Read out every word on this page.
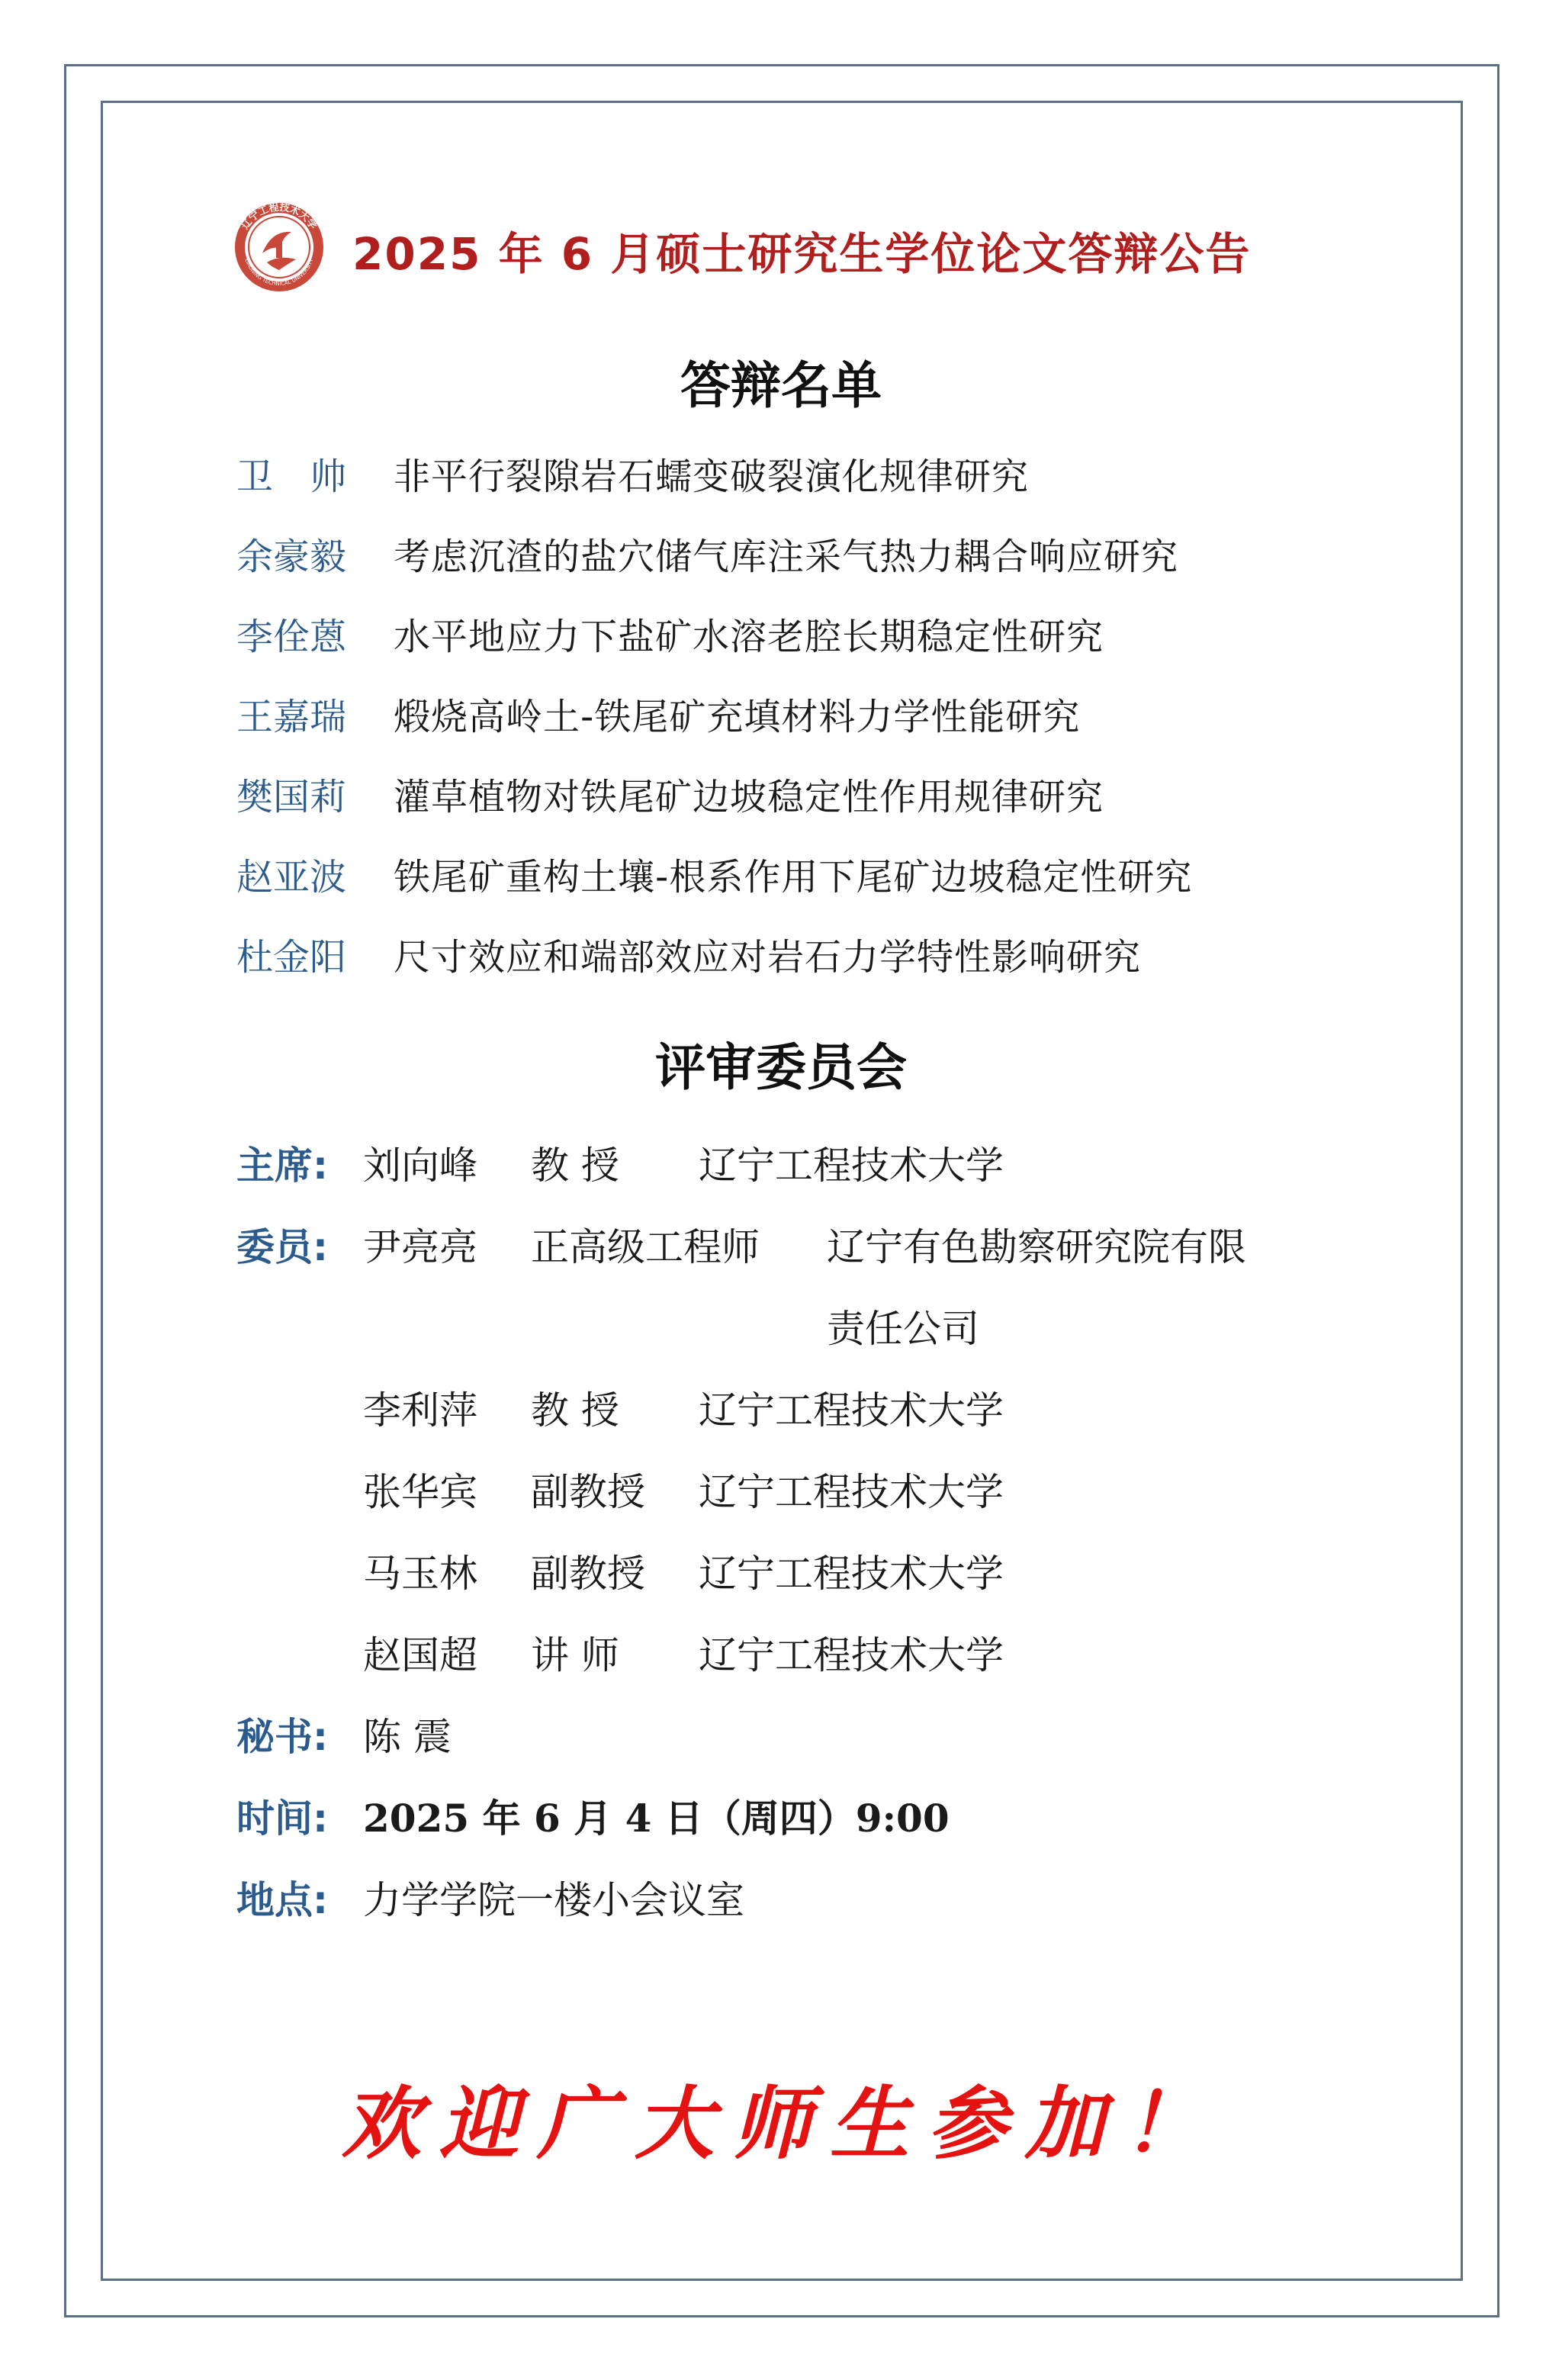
辽宁工程技术大学
LIAONING TECHNICAL UNIVERSITY 2025 年 6 月硕士研究生学位论文答辩公告
答辩名单
卫帅 非平行裂隙岩石蠕变破裂演化规律研究
余豪毅	考虑沉渣的盐穴储气库注采气热力耦合响应研究
李佺蒽	水平地应力下盐矿水溶老腔长期稳定性研究
王嘉瑞	煅烧高岭土-铁尾矿充填材料力学性能研究
樊国莉	灌草植物对铁尾矿边坡稳定性作用规律研究
赵亚波	铁尾矿重构土壤-根系作用下尾矿边坡稳定性研究
杜金阳	尺寸效应和端部效应对岩石力学特性影响研究
评审委员会
主席: 刘向峰 教 授 辽宁工程技术大学
委员: 尹亮亮 正高级工程师 辽宁有色勘察研究院有限
责任公司
李利萍 教 授 辽宁工程技术大学
张华宾 副教授 辽宁工程技术大学
马玉林 副教授 辽宁工程技术大学
赵国超 讲 师 辽宁工程技术大学
秘书: 陈 震
时间: 2025 年 6 月 4 日（周四）9:00
地点: 力学学院一楼小会议室
欢迎广大师生参加！
